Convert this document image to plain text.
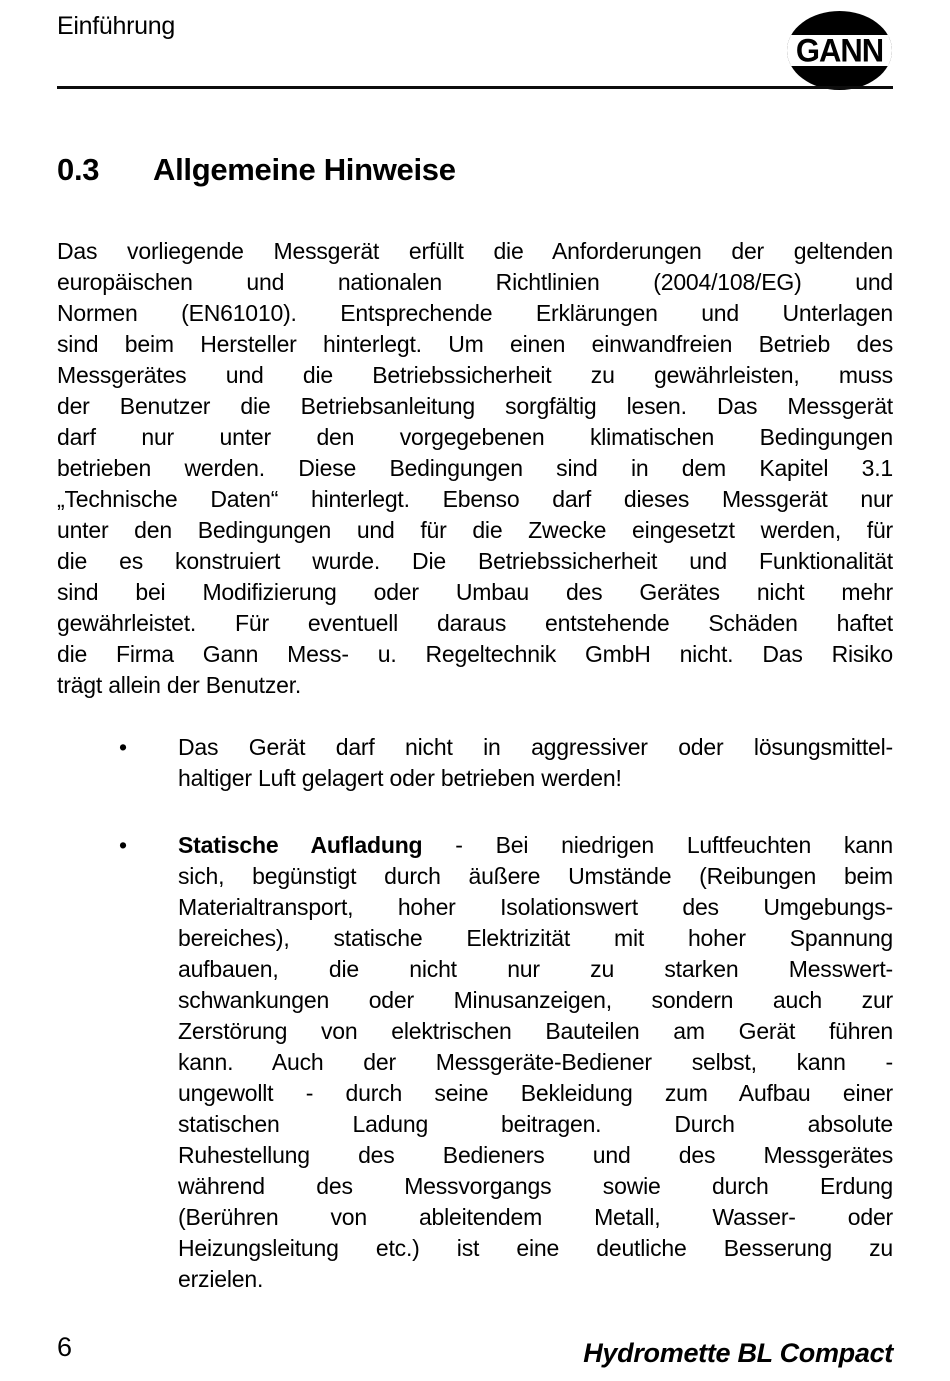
Einführung
GANN
0.3	Allgemeine Hinweise
Das vorliegende Messgerät erfüllt die Anforderungen der geltenden
europäischen und nationalen Richtlinien (2004/108/EG) und
Normen (EN61010). Entsprechende Erklärungen und Unterlagen
sind beim Hersteller hinterlegt. Um einen einwandfreien Betrieb des
Messgerätes und die Betriebssicherheit zu gewährleisten, muss
der Benutzer die Betriebsanleitung sorgfältig lesen. Das Messgerät
darf nur unter den vorgegebenen klimatischen Bedingungen
betrieben werden. Diese Bedingungen sind in dem Kapitel 3.1
„Technische Daten“ hinterlegt. Ebenso darf dieses Messgerät nur
unter den Bedingungen und für die Zwecke eingesetzt werden, für
die es konstruiert wurde. Die Betriebssicherheit und Funktionalität
sind bei Modifizierung oder Umbau des Gerätes nicht mehr
gewährleistet. Für eventuell daraus entstehende Schäden haftet
die Firma Gann Mess- u. Regeltechnik GmbH nicht. Das Risiko
trägt allein der Benutzer.
•	Das Gerät darf nicht in aggressiver oder lösungsmittel-
haltiger Luft gelagert oder betrieben werden!
•	Statische Aufladung - Bei niedrigen Luftfeuchten kann
sich, begünstigt durch äußere Umstände (Reibungen beim
Materialtransport, hoher Isolationswert des Umgebungs-
bereiches), statische Elektrizität mit hoher Spannung
aufbauen, die nicht nur zu starken Messwert-
schwankungen oder Minusanzeigen, sondern auch zur
Zerstörung von elektrischen Bauteilen am Gerät führen
kann. Auch der Messgeräte-Bediener selbst, kann -
ungewollt - durch seine Bekleidung zum Aufbau einer
statischen Ladung beitragen. Durch absolute
Ruhestellung des Bedieners und des Messgerätes
während des Messvorgangs sowie durch Erdung
(Berühren von ableitendem Metall, Wasser- oder
Heizungsleitung etc.) ist eine deutliche Besserung zu
erzielen.
6	Hydromette BL Compact
